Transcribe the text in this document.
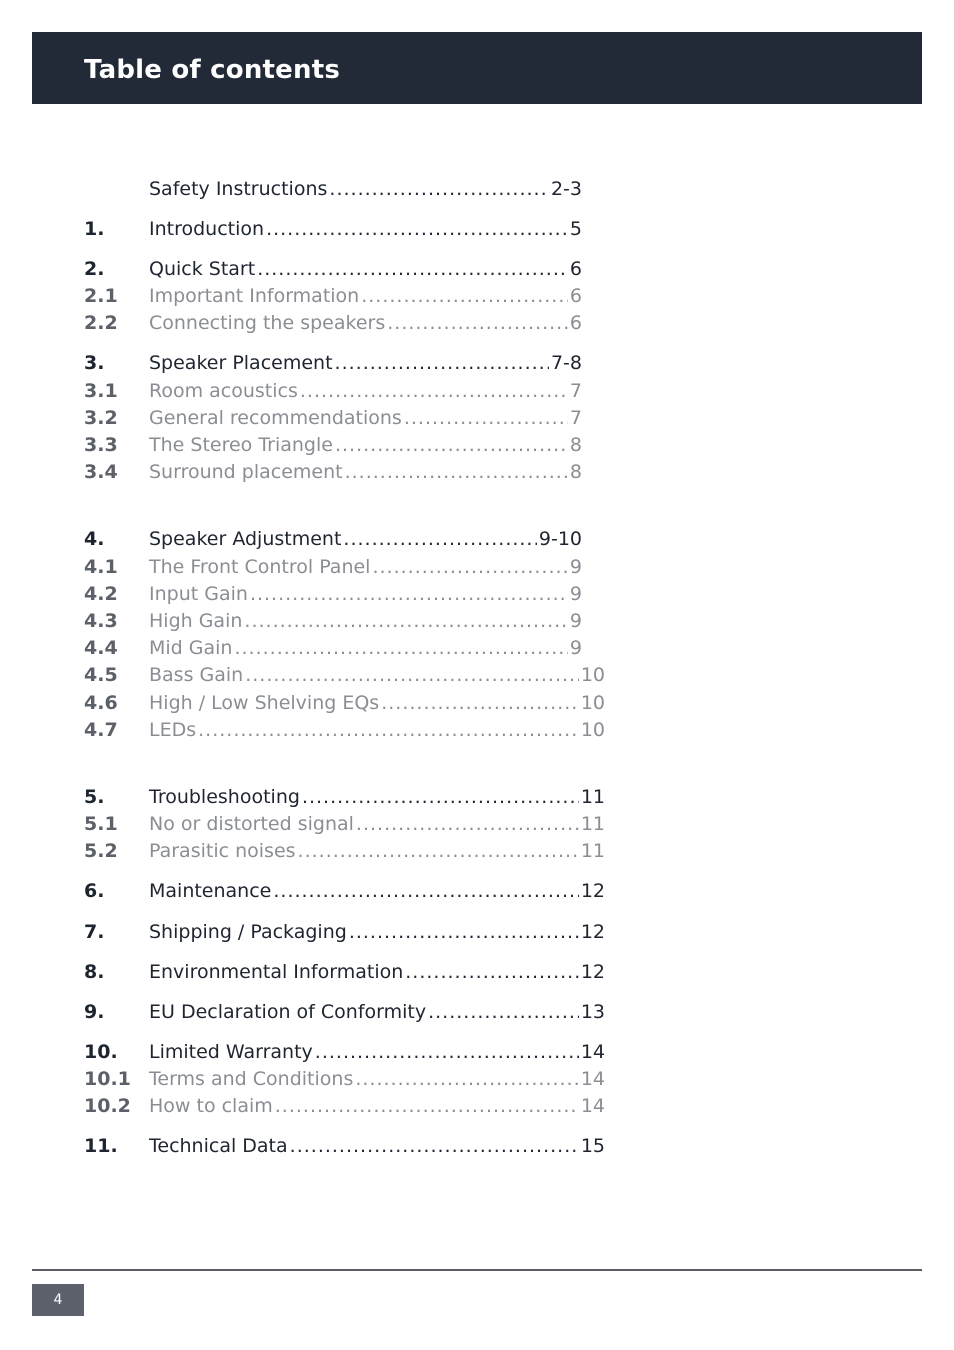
Table of contents
Safety Instructions .....	2-3
1.	Introduction .....	5
2.	Quick Start .....	6
2.1	Important Information .....	6
2.2	Connecting the speakers .....	6
3.	Speaker Placement .....	7-8
3.1	Room acoustics .....	7
3.2	General recommendations .....	7
3.3	The Stereo Triangle .....	8
3.4	Surround placement .....	8
4.	Speaker Adjustment .....	9-10
4.1	The Front Control Panel .....	9
4.2	Input Gain .....	9
4.3	High Gain .....	9
4.4	Mid Gain .....	9
4.5	Bass Gain .....	10
4.6	High / Low Shelving EQs .....	10
4.7	LEDs .....	10
5.	Troubleshooting .....	11
5.1	No or distorted signal .....	11
5.2	Parasitic noises .....	11
6.	Maintenance .....	12
7.	Shipping / Packaging .....	12
8.	Environmental Information .....	12
9.	EU Declaration of Conformity .....	13
10.	Limited Warranty .....	14
10.1 Terms and Conditions .....	14
10.2 How to claim .....	14
11.	Technical Data .....	15
4
